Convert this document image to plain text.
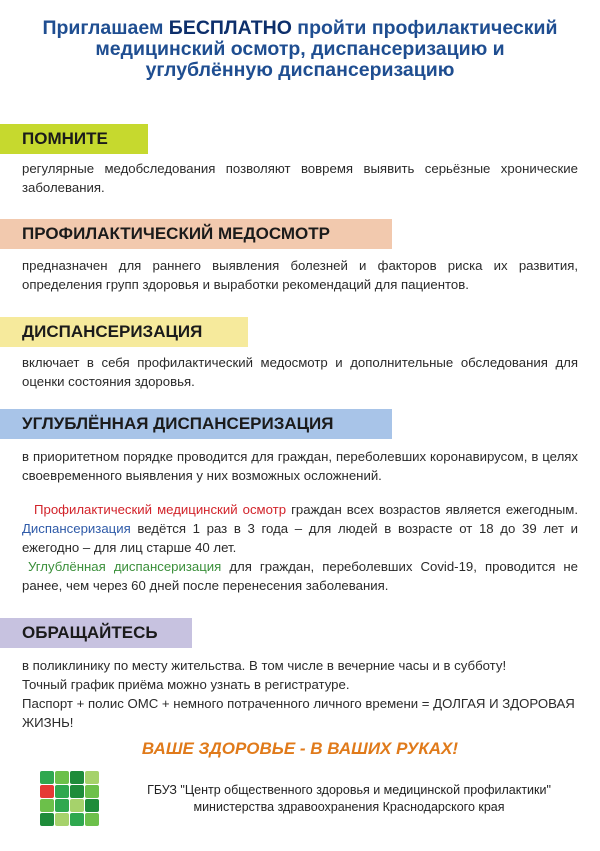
Приглашаем БЕСПЛАТНО пройти профилактический медицинский осмотр, диспансеризацию и углублённую диспансеризацию
ПОМНИТЕ

регулярные медобследования позволяют вовремя выявить серьёзные хронические заболевания.

ПРОФИЛАКТИЧЕСКИЙ МЕДОСМОТР

предназначен для раннего выявления болезней и факторов риска их развития, определения групп здоровья и выработки рекомендаций для пациентов.

ДИСПАНСЕРИЗАЦИЯ

включает в себя профилактический медосмотр и дополнительные обследования для оценки состояния здоровья.

УГЛУБЛЁННАЯ ДИСПАНСЕРИЗАЦИЯ

в приоритетном порядке проводится для граждан, переболевших коронавирусом, в целях своевременного выявления у них возможных осложнений.

Профилактический медицинский осмотр граждан всех возрастов является ежегодным. Диспансеризация ведётся 1 раз в 3 года – для людей в возрасте от 18 до 39 лет и ежегодно – для лиц старше 40 лет.

Углублённая диспансеризация для граждан, переболевших Covid-19, проводится не ранее, чем через 60 дней после перенесения заболевания.

ОБРАЩАЙТЕСЬ

в поликлинику по месту жительства. В том числе в вечерние часы и в субботу!

Точный график приёма можно узнать в регистратуре.

Паспорт + полис ОМС + немного потраченного личного времени = ДОЛГАЯ И ЗДОРОВАЯ ЖИЗНЬ!

ВАШЕ ЗДОРОВЬЕ - В ВАШИХ РУКАХ!
ГБУЗ "Центр общественного здоровья и медицинской профилактики"
министерства здравоохранения Краснодарского края
